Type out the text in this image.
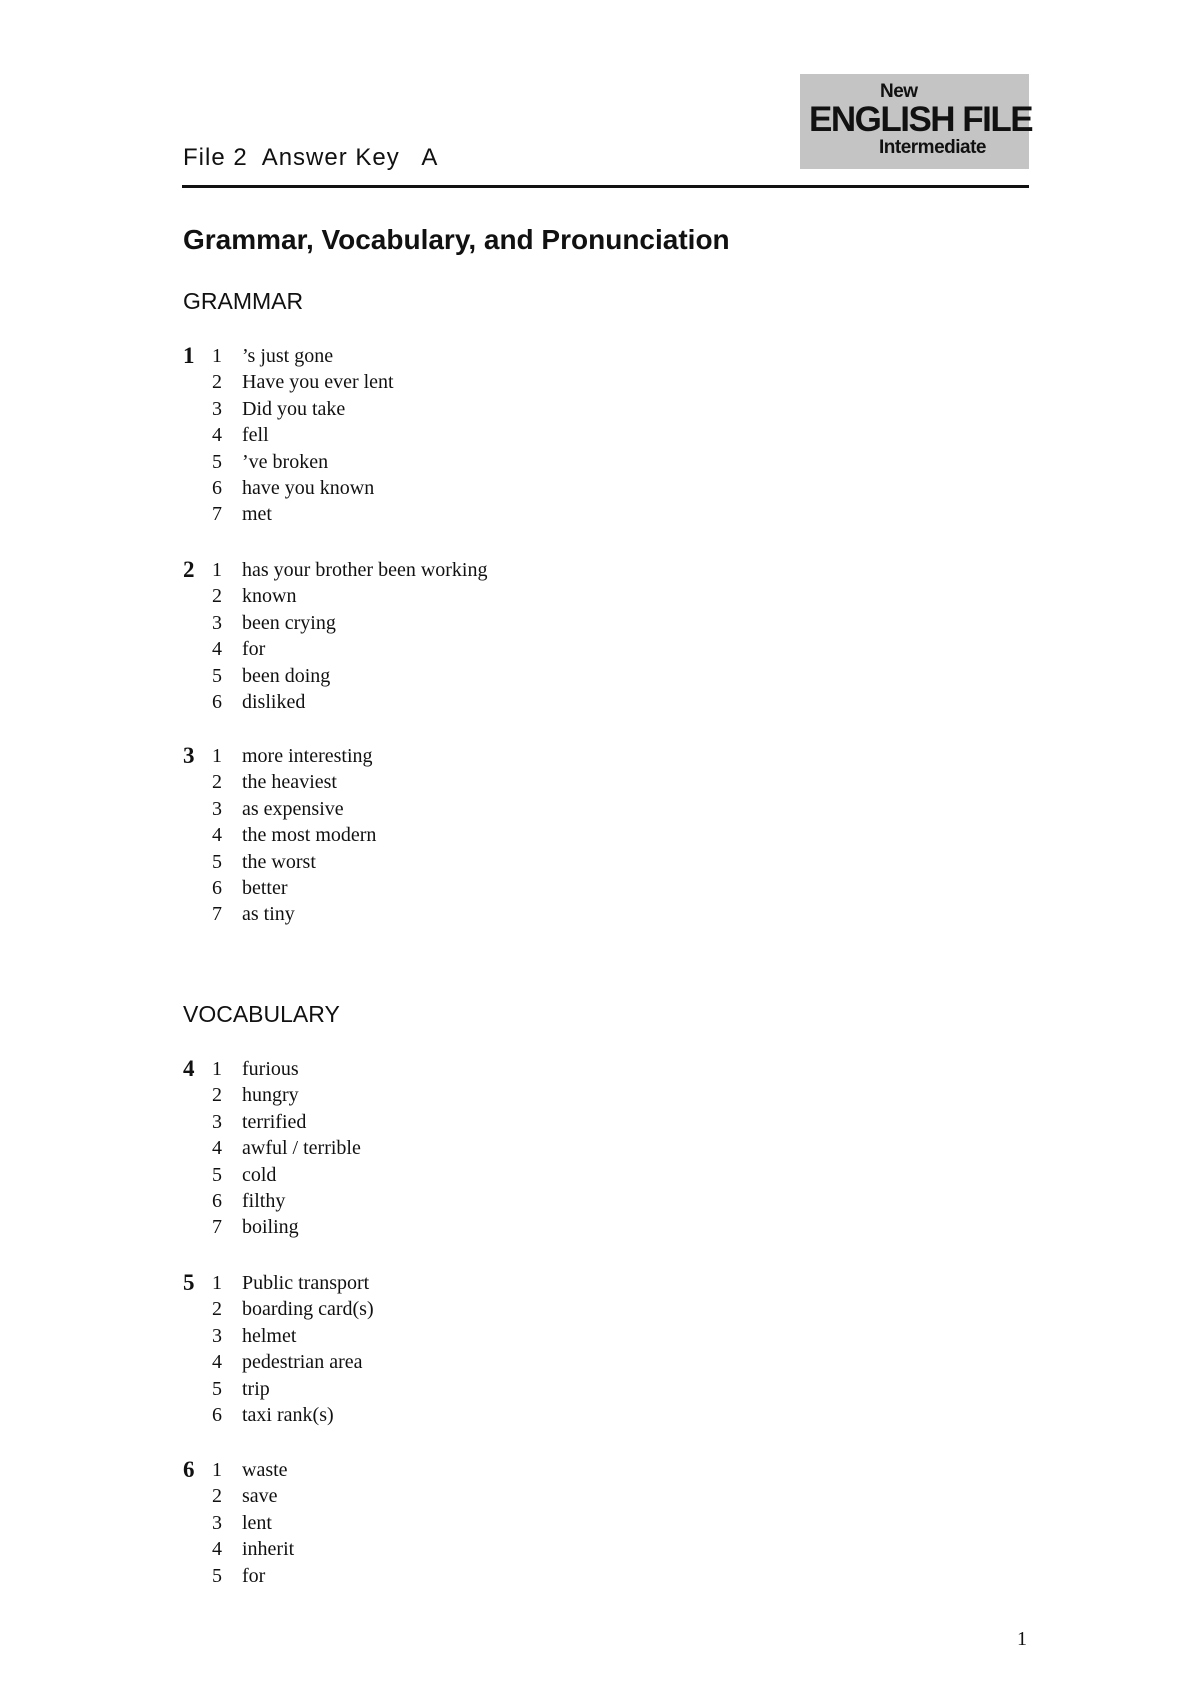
New
ENGLISH FILE
Intermediate
File 2  Answer Key   A
Grammar, Vocabulary, and Pronunciation
GRAMMAR
VOCABULARY
1 1	’s just gone
2	Have you ever lent
3	Did you take
4	fell
5	’ve broken
6	have you known
7	met
2 1	has your brother been working
2	known
3	been crying
4	for
5	been doing
6	disliked
3 1	more interesting
2	the heaviest
3	as expensive
4	the most modern
5	the worst
6	better
7	as tiny
4 1	furious
2	hungry
3	terrified
4	awful / terrible
5	cold
6	filthy
7	boiling
5 1	Public transport
2	boarding card(s)
3	helmet
4	pedestrian area
5	trip
6	taxi rank(s)
6 1	waste
2	save
3	lent
4	inherit
5	for
1
